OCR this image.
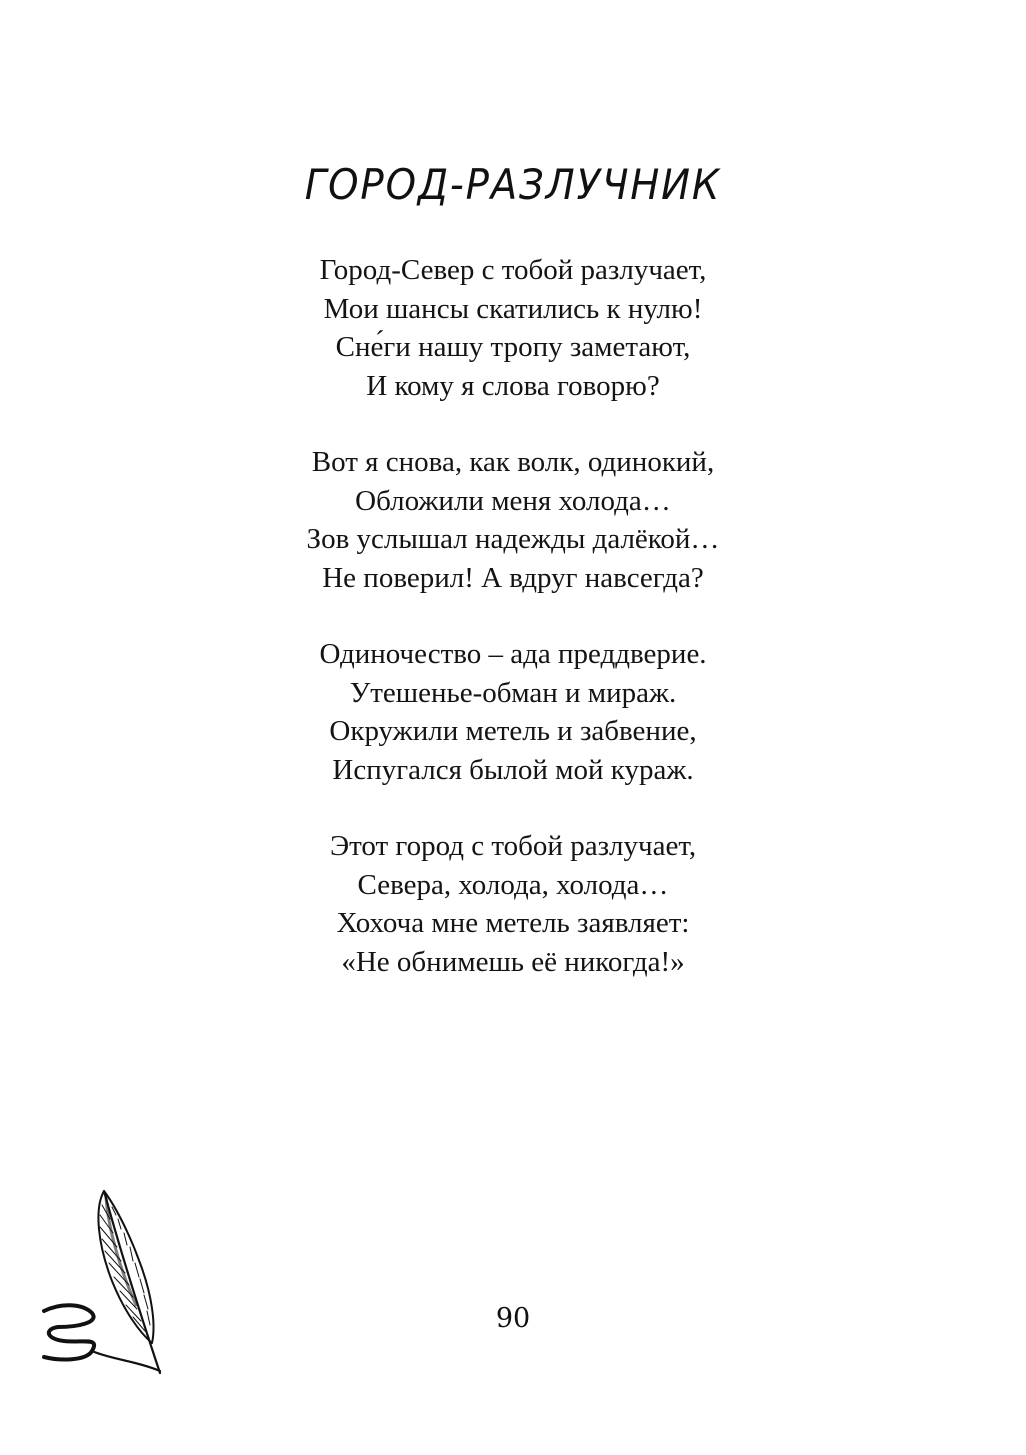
ГОРОД-РАЗЛУЧНИК
Город-Север с тобой разлучает,
Мои шансы скатились к нулю!
Сне́ги нашу тропу заметают,
И кому я слова говорю?
Вот я снова, как волк, одинокий,
Обложили меня холода…
Зов услышал надежды далёкой…
Не поверил! А вдруг навсегда?
Одиночество – ада преддверие.
Утешенье-обман и мираж.
Окружили метель и забвение,
Испугался былой мой кураж.
Этот город с тобой разлучает,
Севера, холода, холода…
Хохоча мне метель заявляет:
«Не обнимешь её никогда!»
90
